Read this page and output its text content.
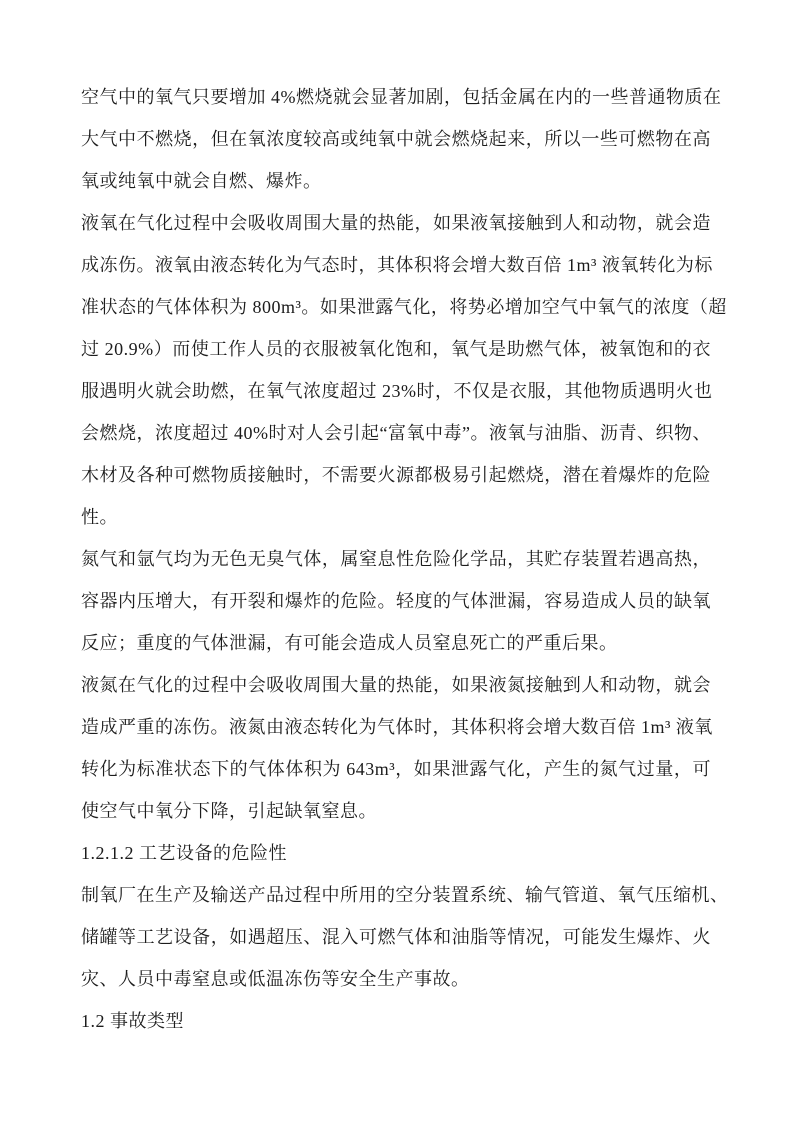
空气中的氧气只要增加 4%燃烧就会显著加剧，包括金属在内的一些普通物质在
大气中不燃烧，但在氧浓度较高或纯氧中就会燃烧起来，所以一些可燃物在高
氧或纯氧中就会自燃、爆炸。
液氧在气化过程中会吸收周围大量的热能，如果液氧接触到人和动物，就会造
成冻伤。液氧由液态转化为气态时，其体积将会增大数百倍 1m³ 液氧转化为标
准状态的气体体积为 800m³。如果泄露气化，将势必增加空气中氧气的浓度（超
过 20.9%）而使工作人员的衣服被氧化饱和，氧气是助燃气体，被氧饱和的衣
服遇明火就会助燃，在氧气浓度超过 23%时，不仅是衣服，其他物质遇明火也
会燃烧，浓度超过 40%时对人会引起“富氧中毒”。液氧与油脂、沥青、织物、
木材及各种可燃物质接触时，不需要火源都极易引起燃烧，潜在着爆炸的危险
性。
氮气和氩气均为无色无臭气体，属窒息性危险化学品，其贮存装置若遇高热，
容器内压增大，有开裂和爆炸的危险。轻度的气体泄漏，容易造成人员的缺氧
反应；重度的气体泄漏，有可能会造成人员窒息死亡的严重后果。
液氮在气化的过程中会吸收周围大量的热能，如果液氮接触到人和动物，就会
造成严重的冻伤。液氮由液态转化为气体时，其体积将会增大数百倍 1m³ 液氧
转化为标准状态下的气体体积为 643m³，如果泄露气化，产生的氮气过量，可
使空气中氧分下降，引起缺氧窒息。
1.2.1.2 工艺设备的危险性
制氧厂在生产及输送产品过程中所用的空分装置系统、输气管道、氧气压缩机、
储罐等工艺设备，如遇超压、混入可燃气体和油脂等情况，可能发生爆炸、火
灾、人员中毒窒息或低温冻伤等安全生产事故。
1.2 事故类型
